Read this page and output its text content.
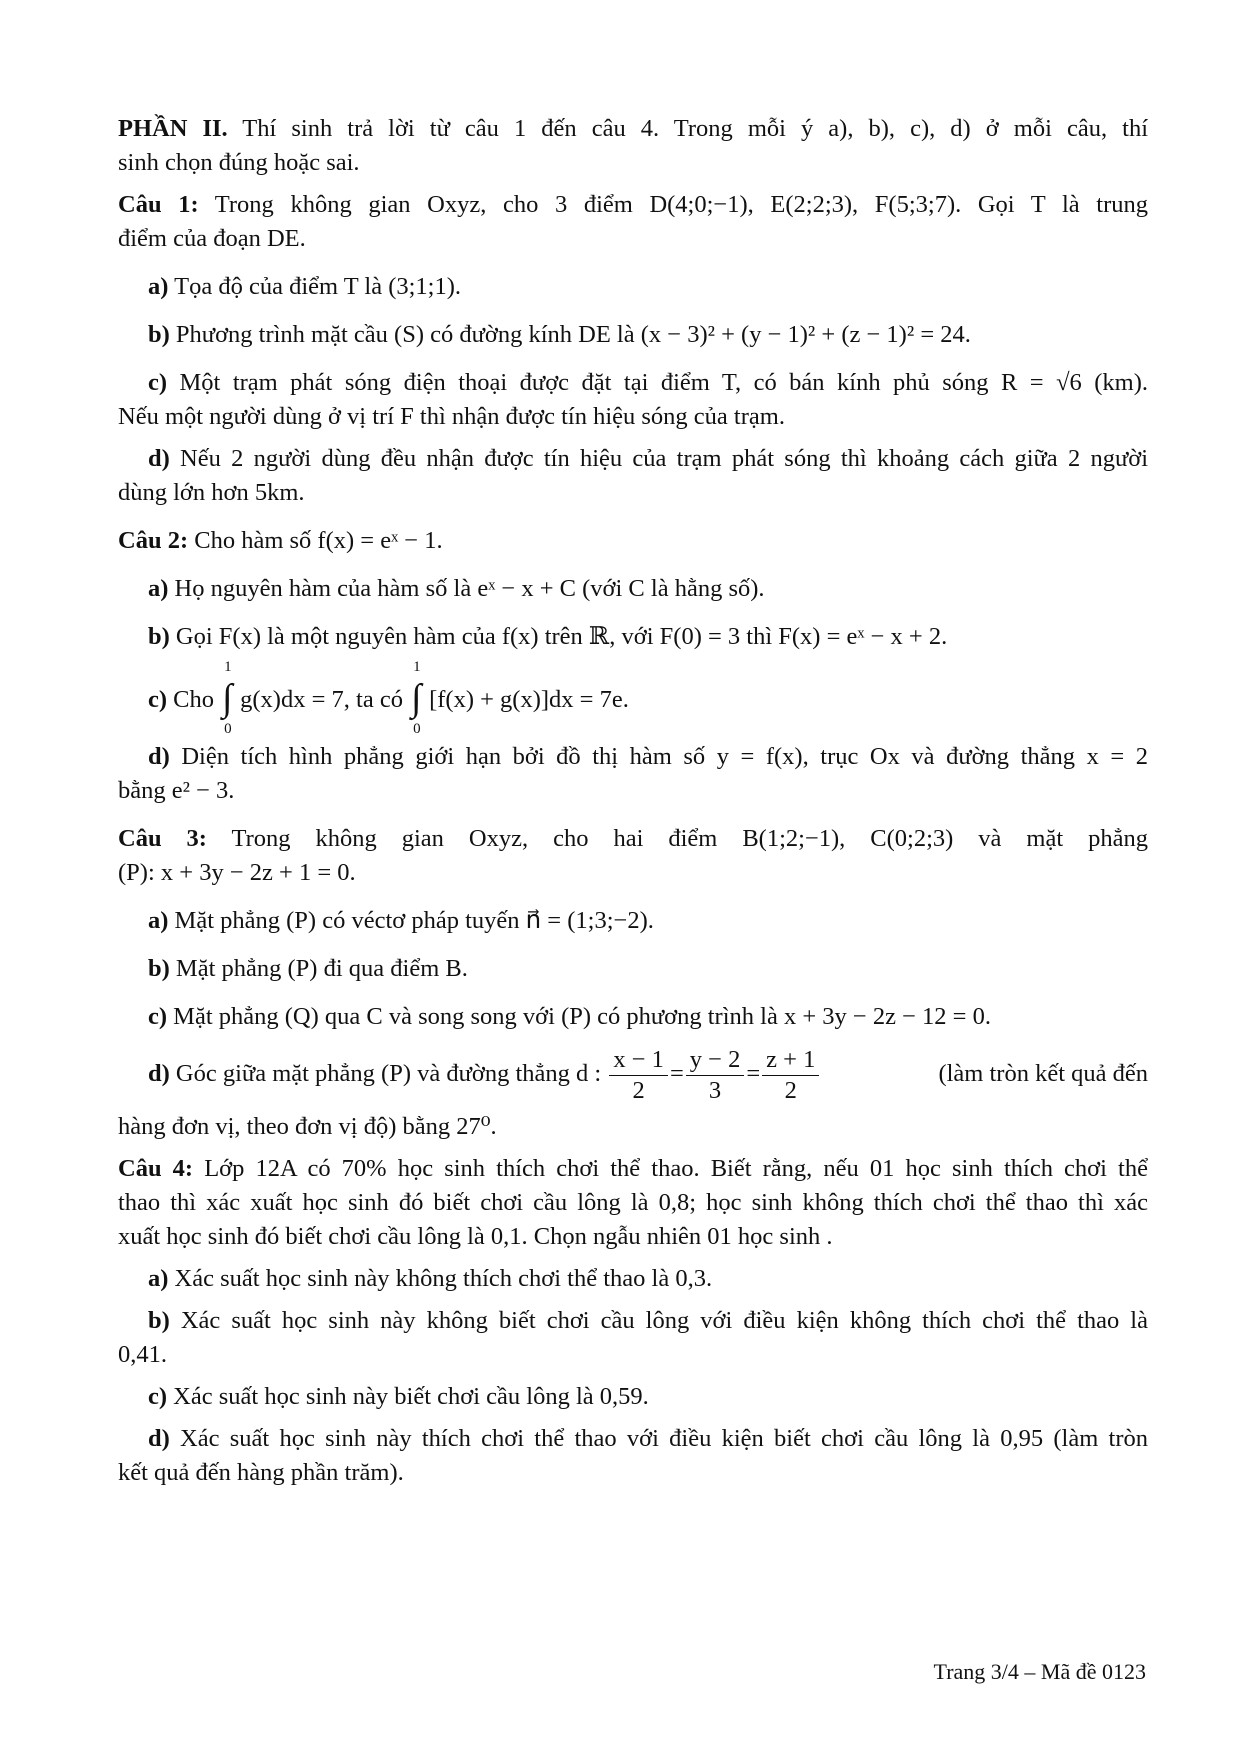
PHẦN II. Thí sinh trả lời từ câu 1 đến câu 4. Trong mỗi ý a), b), c), d) ở mỗi câu, thí

sinh chọn đúng hoặc sai.

Câu 1: Trong không gian Oxyz, cho 3 điểm D(4;0;−1), E(2;2;3), F(5;3;7). Gọi T là trung

điểm của đoạn DE.

a) Tọa độ của điểm T là (3;1;1).

b) Phương trình mặt cầu (S) có đường kính DE là (x − 3)² + (y − 1)² + (z − 1)² = 24.

c) Một trạm phát sóng điện thoại được đặt tại điểm T, có bán kính phủ sóng R = √6 (km).

Nếu một người dùng ở vị trí F thì nhận được tín hiệu sóng của trạm.

d) Nếu 2 người dùng đều nhận được tín hiệu của trạm phát sóng thì khoảng cách giữa 2 người

dùng lớn hơn 5km.

Câu 2: Cho hàm số f(x) = eˣ − 1.

a) Họ nguyên hàm của hàm số là eˣ − x + C (với C là hằng số).

b) Gọi F(x) là một nguyên hàm của f(x) trên ℝ, với F(0) = 3 thì F(x) = eˣ − x + 2.

c) Cho
1
∫
0
g(x)dx = 7, ta có
1
∫
0
[f(x) + g(x)]dx = 7e.

d) Diện tích hình phẳng giới hạn bởi đồ thị hàm số y = f(x), trục Ox và đường thẳng x = 2

bằng e² − 3.

Câu 3: Trong không gian Oxyz, cho hai điểm B(1;2;−1), C(0;2;3) và mặt phẳng

(P): x + 3y − 2z + 1 = 0.

a) Mặt phẳng (P) có véctơ pháp tuyến n⃗ = (1;3;−2).

b) Mặt phẳng (P) đi qua điểm B.

c) Mặt phẳng (Q) qua C và song song với (P) có phương trình là x + 3y − 2z − 12 = 0.

d) Góc giữa mặt phẳng (P) và đường thẳng d : $\frac{x - 1}{2} = \frac{y - 2}{3} = \frac{z + 1}{2}$	(làm tròn kết quả đến

hàng đơn vị, theo đơn vị độ) bằng 27⁰.

Câu 4: Lớp 12A có 70% học sinh thích chơi thể thao. Biết rằng, nếu 01 học sinh thích chơi thể

thao thì xác xuất học sinh đó biết chơi cầu lông là 0,8; học sinh không thích chơi thể thao thì xác

xuất học sinh đó biết chơi cầu lông là 0,1. Chọn ngẫu nhiên 01 học sinh .

a) Xác suất học sinh này không thích chơi thể thao là 0,3.

b) Xác suất học sinh này không biết chơi cầu lông với điều kiện không thích chơi thể thao là

0,41.

c) Xác suất học sinh này biết chơi cầu lông là 0,59.

d) Xác suất học sinh này thích chơi thể thao với điều kiện biết chơi cầu lông là 0,95 (làm tròn

kết quả đến hàng phần trăm).

Trang 3/4 – Mã đề 0123
